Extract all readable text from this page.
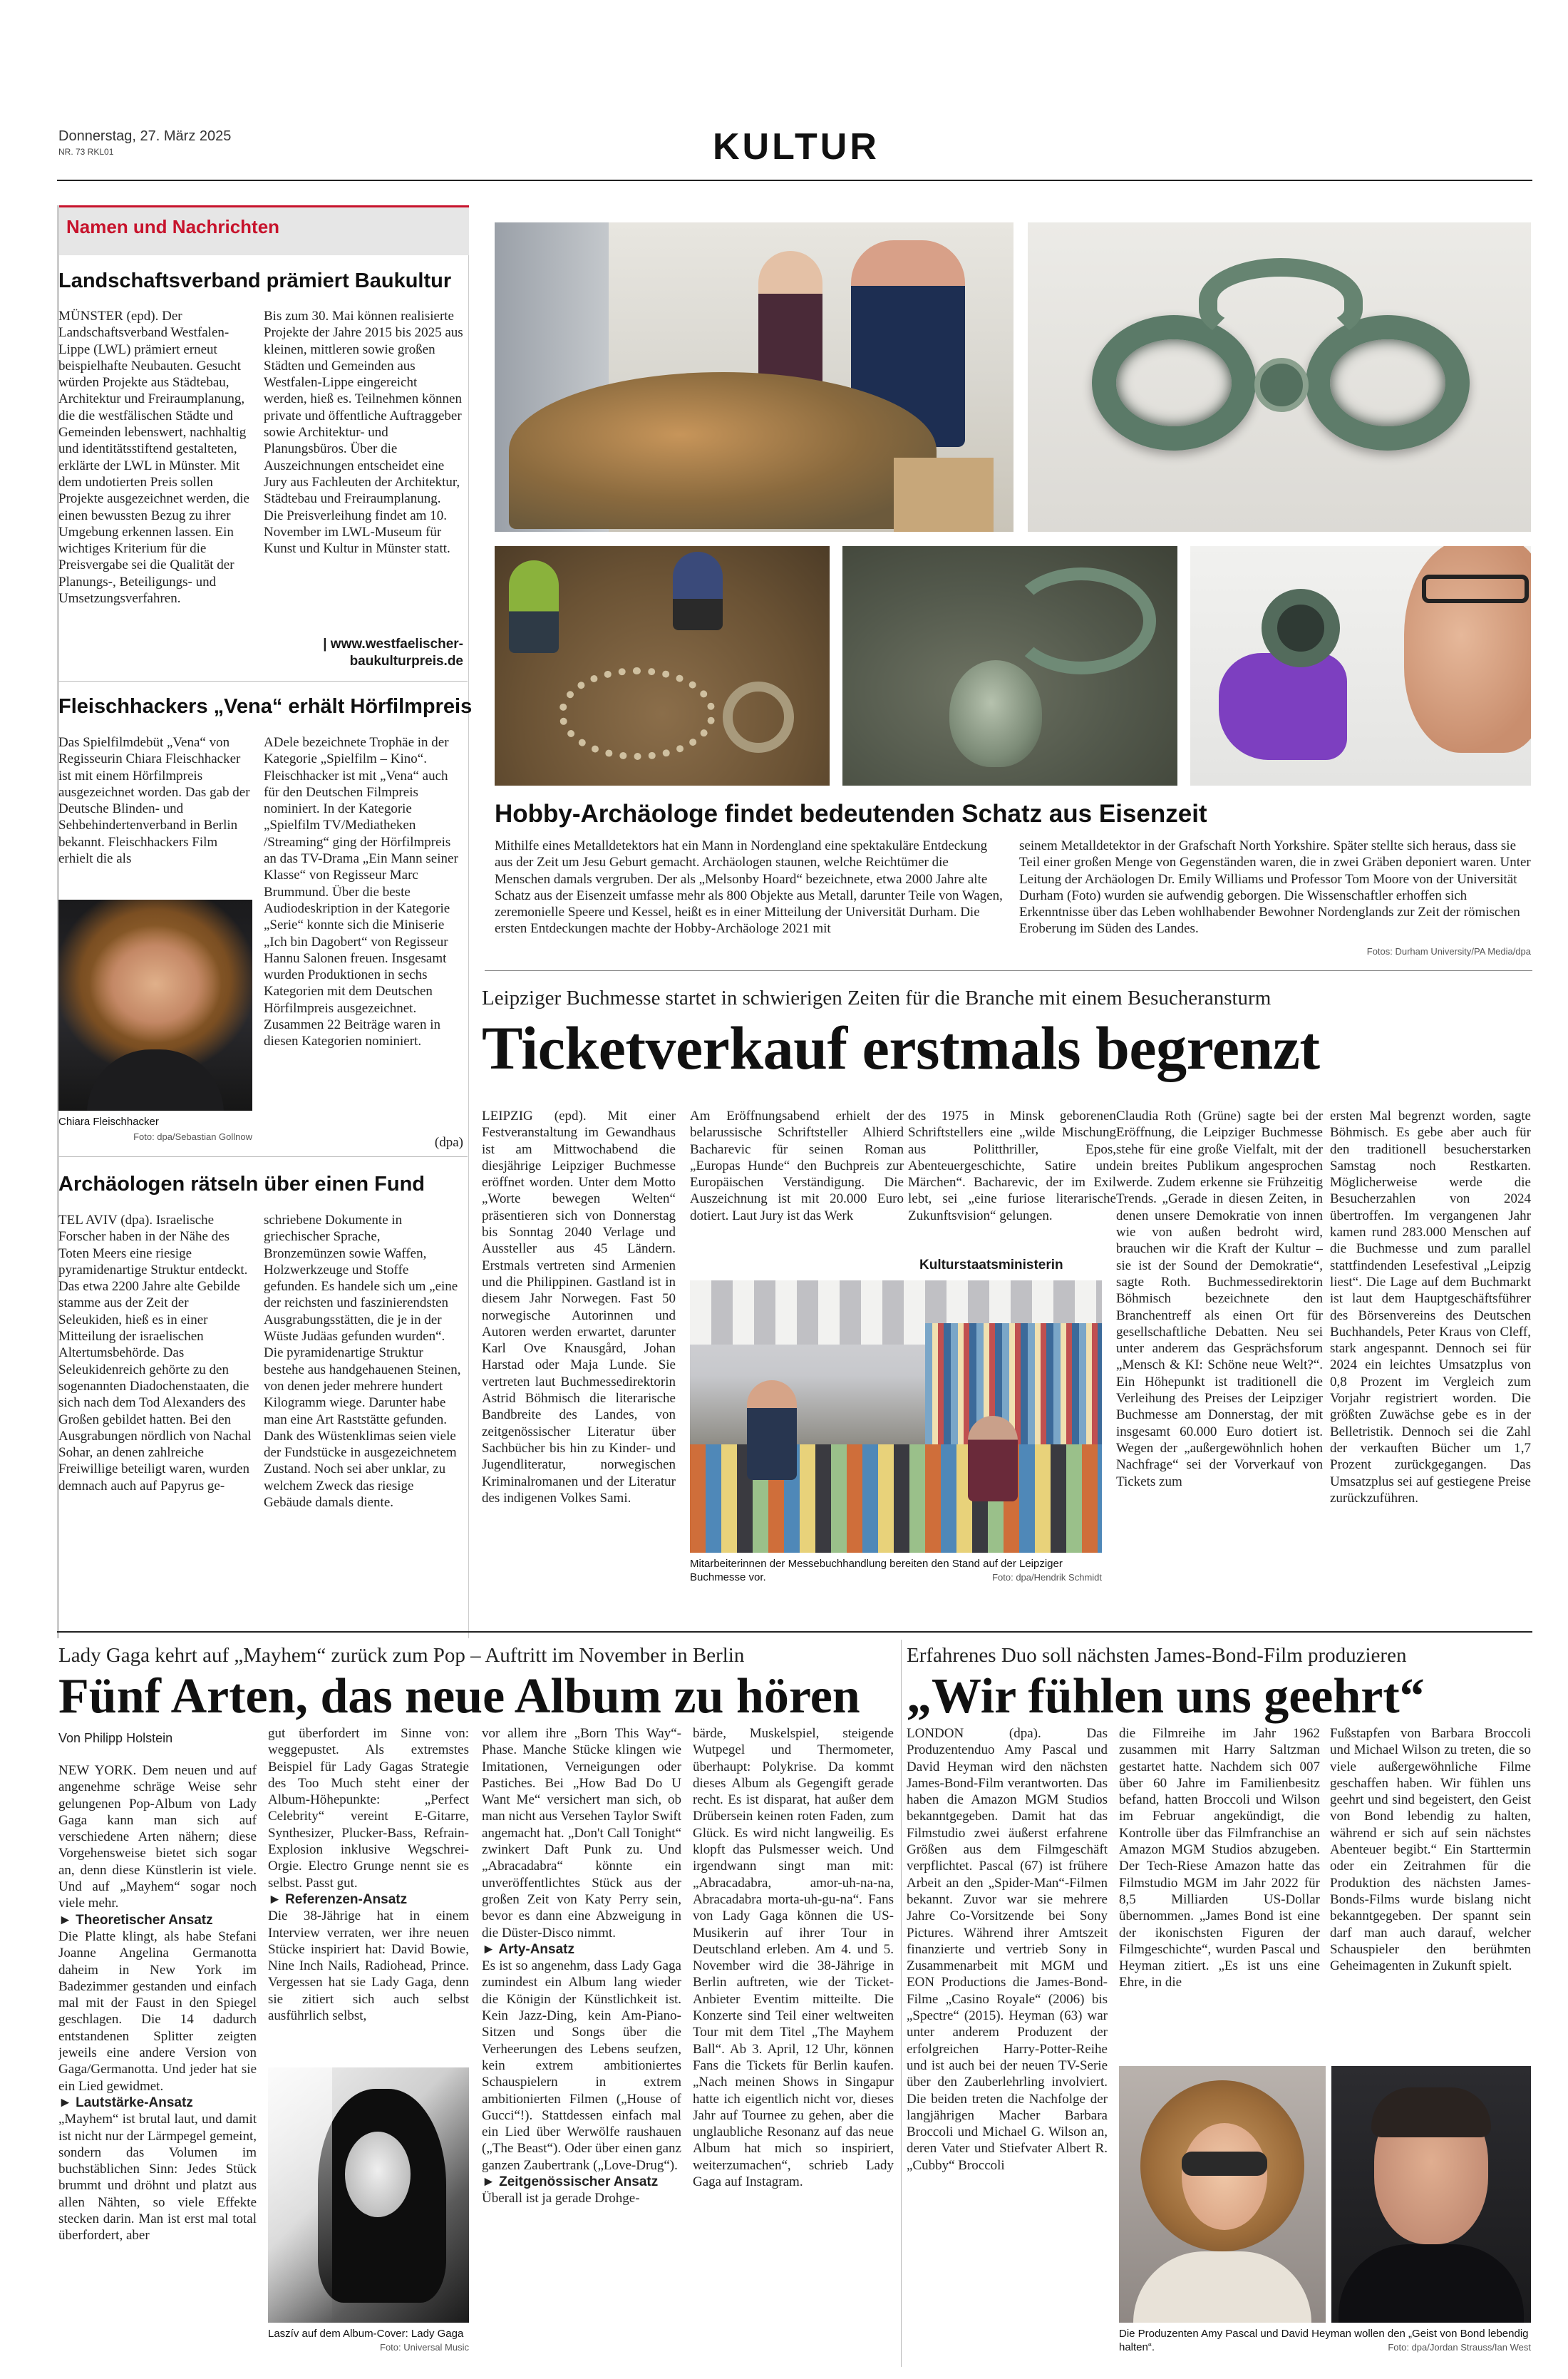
Donnerstag, 27. März 2025
NR. 73 RKL01	KULTUR
Namen und Nachrichten
Landschaftsverband prämiert Baukultur
MÜNSTER (epd). Der Landschaftsverband Westfalen-Lippe (LWL) prämiert erneut beispielhafte Neubauten. Gesucht würden Projekte aus Städtebau, Architektur und Freiraumplanung, die die westfälischen Städte und Gemeinden lebenswert, nachhaltig und identitätsstiftend gestalteten, erklärte der LWL in Münster. Mit dem undotierten Preis sollen Projekte ausgezeichnet werden, die einen bewussten Bezug zu ihrer Umgebung erkennen lassen. Ein wichtiges Kriterium für die Preisvergabe sei die Qualität der Planungs-, Beteiligungs- und Umsetzungsverfahren.
Bis zum 30. Mai können realisierte Projekte der Jahre 2015 bis 2025 aus kleinen, mittleren sowie großen Städten und Gemeinden aus Westfalen-Lippe eingereicht werden, hieß es. Teilnehmen können private und öffentliche Auftraggeber sowie Architektur- und Planungsbüros. Über die Auszeichnungen entscheidet eine Jury aus Fachleuten der Architektur, Städtebau und Freiraumplanung. Die Preisverleihung findet am 10. November im LWL-Museum für Kunst und Kultur in Münster statt.
| www.westfaelischer-baukulturpreis.de
Fleischhackers „Vena“ erhält Hörfilmpreis
Das Spielfilmdebüt „Vena“ von Regisseurin Chiara Fleischhacker ist mit einem Hörfilmpreis ausgezeichnet worden. Das gab der Deutsche Blinden- und Sehbehindertenverband in Berlin bekannt. Fleischhackers Film erhielt die als
Chiara Fleischhacker
Foto: dpa/Sebastian Gollnow
ADele bezeichnete Trophäe in der Kategorie „Spielfilm – Kino“. Fleischhacker ist mit „Vena“ auch für den Deutschen Filmpreis nominiert. In der Kategorie „Spielfilm TV/Mediatheken /Streaming“ ging der Hörfilmpreis an das TV-Drama „Ein Mann seiner Klasse“ von Regisseur Marc Brummund. Über die beste Audiodeskription in der Kategorie „Serie“ konnte sich die Miniserie „Ich bin Dagobert“ von Regisseur Hannu Salonen freuen. Insgesamt wurden Produktionen in sechs Kategorien mit dem Deutschen Hörfilmpreis ausgezeichnet. Zusammen 22 Beiträge waren in diesen Kategorien nominiert.
(dpa)
Archäologen rätseln über einen Fund
TEL AVIV (dpa). Israelische Forscher haben in der Nähe des Toten Meers eine riesige pyramidenartige Struktur entdeckt. Das etwa 2200 Jahre alte Gebilde stamme aus der Zeit der Seleukiden, hieß es in einer Mitteilung der israelischen Altertumsbehörde. Das Seleukidenreich gehörte zu den sogenannten Diadochenstaaten, die sich nach dem Tod Alexanders des Großen gebildet hatten. Bei den Ausgrabungen nördlich von Nachal Sohar, an denen zahlreiche Freiwillige beteiligt waren, wurden demnach auch auf Papyrus ge-
schriebene Dokumente in griechischer Sprache, Bronzemünzen sowie Waffen, Holzwerkzeuge und Stoffe gefunden. Es handele sich um „eine der reichsten und faszinierendsten Ausgrabungsstätten, die je in der Wüste Judäas gefunden wurden“. Die pyramidenartige Struktur bestehe aus handgehauenen Steinen, von denen jeder mehrere hundert Kilogramm wiege. Darunter habe man eine Art Raststätte gefunden. Dank des Wüstenklimas seien viele der Fundstücke in ausgezeichnetem Zustand. Noch sei aber unklar, zu welchem Zweck das riesige Gebäude damals diente.
Hobby-Archäologe findet bedeutenden Schatz aus Eisenzeit
Mithilfe eines Metalldetektors hat ein Mann in Nordengland eine spektakuläre Entdeckung aus der Zeit um Jesu Geburt gemacht. Archäologen staunen, welche Reichtümer die Menschen damals vergruben. Der als „Melsonby Hoard“ bezeichnete, etwa 2000 Jahre alte Schatz aus der Eisenzeit umfasse mehr als 800 Objekte aus Metall, darunter Teile von Wagen, zeremonielle Speere und Kessel, heißt es in einer Mitteilung der Universität Durham. Die ersten Entdeckungen machte der Hobby-Archäologe 2021 mit
seinem Metalldetektor in der Grafschaft North Yorkshire. Später stellte sich heraus, dass sie Teil einer großen Menge von Gegenständen waren, die in zwei Gräben deponiert waren. Unter Leitung der Archäologen Dr. Emily Williams und Professor Tom Moore von der Universität Durham (Foto) wurden sie aufwendig geborgen. Die Wissenschaftler erhoffen sich Erkenntnisse über das Leben wohlhabender Bewohner Nordenglands zur Zeit der römischen Eroberung im Süden des Landes.
Fotos: Durham University/PA Media/dpa
Leipziger Buchmesse startet in schwierigen Zeiten für die Branche mit einem Besucheransturm
Ticketverkauf erstmals begrenzt
LEIPZIG (epd). Mit einer Festveranstaltung im Gewandhaus ist am Mittwochabend die diesjährige Leipziger Buchmesse eröffnet worden. Unter dem Motto „Worte bewegen Welten“ präsentieren sich von Donnerstag bis Sonntag 2040 Verlage und Aussteller aus 45 Ländern. Erstmals vertreten sind Armenien und die Philippinen. Gastland ist in diesem Jahr Norwegen. Fast 50 norwegische Autorinnen und Autoren werden erwartet, darunter Karl Ove Knausgård, Johan Harstad oder Maja Lunde. Sie vertreten laut Buchmessedirektorin Astrid Böhmisch die literarische Bandbreite des Landes, von zeitgenössischer Literatur über Sachbücher bis hin zu Kinder- und Jugendliteratur, norwegischen Kriminalromanen und der Literatur des indigenen Volkes Sami.
Am Eröffnungsabend erhielt der belarussische Schriftsteller Alhierd Bacharevic für seinen Roman „Europas Hunde“ den Buchpreis zur Europäischen Verständigung. Die Auszeichnung ist mit 20.000 Euro dotiert. Laut Jury ist das Werk
des 1975 in Minsk geborenen Schriftstellers eine „wilde Mischung aus Politthriller, Epos, Abenteuergeschichte, Satire und Märchen“. Bacharevic, der im Exil lebt, sei „eine furiose literarische Zukunftsvision“ gelungen.
Kulturstaatsministerin
Mitarbeiterinnen der Messebuchhandlung bereiten den Stand auf der Leipziger Buchmesse vor.	Foto: dpa/Hendrik Schmidt
Claudia Roth (Grüne) sagte bei der Eröffnung, die Leipziger Buchmesse stehe für eine große Vielfalt, mit der ein breites Publikum angesprochen werde. Zudem erkenne sie Frühzeitig Trends. „Gerade in diesen Zeiten, in denen unsere Demokratie von innen wie von außen bedroht wird, brauchen wir die Kraft der Kultur – sie ist der Sound der Demokratie“, sagte Roth. Buchmessedirektorin Böhmisch bezeichnete den Branchentreff als einen Ort für gesellschaftliche Debatten. Neu sei unter anderem das Gesprächsforum „Mensch & KI: Schöne neue Welt?“. Ein Höhepunkt ist traditionell die Verleihung des Preises der Leipziger Buchmesse am Donnerstag, der mit insgesamt 60.000 Euro dotiert ist. Wegen der „außergewöhnlich hohen Nachfrage“ sei der Vorverkauf von Tickets zum
ersten Mal begrenzt worden, sagte Böhmisch. Es gebe aber auch für den traditionell besucherstarken Samstag noch Restkarten. Möglicherweise werde die Besucherzahlen von 2024 übertroffen. Im vergangenen Jahr kamen rund 283.000 Menschen auf die Buchmesse und zum parallel stattfindenden Lesefestival „Leipzig liest“. Die Lage auf dem Buchmarkt ist laut dem Hauptgeschäftsführer des Börsenvereins des Deutschen Buchhandels, Peter Kraus von Cleff, stark angespannt. Dennoch sei für 2024 ein leichtes Umsatzplus von 0,8 Prozent im Vergleich zum Vorjahr registriert worden. Die größten Zuwächse gebe es in der Belletristik. Dennoch sei die Zahl der verkauften Bücher um 1,7 Prozent zurückgegangen. Das Umsatzplus sei auf gestiegene Preise zurückzuführen.
Lady Gaga kehrt auf „Mayhem“ zurück zum Pop – Auftritt im November in Berlin
Fünf Arten, das neue Album zu hören
Von Philipp Holstein
NEW YORK. Dem neuen und auf angenehme schräge Weise sehr gelungenen Pop-Album von Lady Gaga kann man sich auf verschiedene Arten nähern; diese Vorgehensweise bietet sich sogar an, denn diese Künstlerin ist viele. Und auf „Mayhem“ sogar noch viele mehr.
► Theoretischer Ansatz
Die Platte klingt, als habe Stefani Joanne Angelina Germanotta daheim in New York im Badezimmer gestanden und einfach mal mit der Faust in den Spiegel geschlagen. Die 14 dadurch entstandenen Splitter zeigten jeweils eine andere Version von Gaga/Germanotta. Und jeder hat sie ein Lied gewidmet.
► Lautstärke-Ansatz
„Mayhem“ ist brutal laut, und damit ist nicht nur der Lärmpegel gemeint, sondern das Volumen im buchstäblichen Sinn: Jedes Stück brummt und dröhnt und platzt aus allen Nähten, so viele Effekte stecken darin. Man ist erst mal total überfordert, aber
gut überfordert im Sinne von: weggepustet. Als extremstes Beispiel für Lady Gagas Strategie des Too Much steht einer der Album-Höhepunkte: „Perfect Celebrity“ vereint E-Gitarre, Synthesizer, Plucker-Bass, Refrain-Explosion inklusive Wegschrei-Orgie. Electro Grunge nennt sie es selbst. Passt gut.
► Referenzen-Ansatz
Die 38-Jährige hat in einem Interview verraten, wer ihre neuen Stücke inspiriert hat: David Bowie, Nine Inch Nails, Radiohead, Prince. Vergessen hat sie Lady Gaga, denn sie zitiert sich auch selbst ausführlich selbst,
Laszív auf dem Album-Cover: Lady Gaga
Foto: Universal Music
vor allem ihre „Born This Way“-Phase. Manche Stücke klingen wie Imitationen, Verneigungen oder Pastiches. Bei „How Bad Do U Want Me“ versichert man sich, ob man nicht aus Versehen Taylor Swift angemacht hat. „Don't Call Tonight“ zwinkert Daft Punk zu. Und „Abracadabra“ könnte ein unveröffentlichtes Stück aus der großen Zeit von Katy Perry sein, bevor es dann eine Abzweigung in die Düster-Disco nimmt.
► Arty-Ansatz
Es ist so angenehm, dass Lady Gaga zumindest ein Album lang wieder die Königin der Künstlichkeit ist. Kein Jazz-Ding, kein Am-Piano-Sitzen und Songs über die Verheerungen des Lebens seufzen, kein extrem ambitioniertes Schauspielern in extrem ambitionierten Filmen („House of Gucci“!). Stattdessen einfach mal ein Lied über Werwölfe raushauen („The Beast“). Oder über einen ganz ganzen Zaubertrank („Love-Drug“).
► Zeitgenössischer Ansatz
Überall ist ja gerade Drohge-
bärde, Muskelspiel, steigende Wutpegel und Thermometer, überhaupt: Polykrise. Da kommt dieses Album als Gegengift gerade recht. Es ist disparat, hat außer dem Drübersein keinen roten Faden, zum Glück. Es wird nicht langweilig. Es klopft das Pulsmesser weich. Und irgendwann singt man mit: „Abracadabra, amor-uh-na-na, Abracadabra morta-uh-gu-na“. Fans von Lady Gaga können die US-Musikerin auf ihrer Tour in Deutschland erleben. Am 4. und 5. November wird die 38-Jährige in Berlin auftreten, wie der Ticket-Anbieter Eventim mitteilte. Die Konzerte sind Teil einer weltweiten Tour mit dem Titel „The Mayhem Ball“. Ab 3. April, 12 Uhr, können Fans die Tickets für Berlin kaufen. „Nach meinen Shows in Singapur hatte ich eigentlich nicht vor, dieses Jahr auf Tournee zu gehen, aber die unglaubliche Resonanz auf das neue Album hat mich so inspiriert, weiterzumachen“, schrieb Lady Gaga auf Instagram.
Erfahrenes Duo soll nächsten James-Bond-Film produzieren
„Wir fühlen uns geehrt“
LONDON (dpa). Das Produzentenduo Amy Pascal und David Heyman wird den nächsten James-Bond-Film verantworten. Das haben die Amazon MGM Studios bekanntgegeben. Damit hat das Filmstudio zwei äußerst erfahrene Größen aus dem Filmgeschäft verpflichtet. Pascal (67) ist frühere Arbeit an den „Spider-Man“-Filmen bekannt. Zuvor war sie mehrere Jahre Co-Vorsitzende bei Sony Pictures. Während ihrer Amtszeit finanzierte und vertrieb Sony in Zusammenarbeit mit MGM und EON Productions die James-Bond-Filme „Casino Royale“ (2006) bis „Spectre“ (2015). Heyman (63) war unter anderem Produzent der erfolgreichen Harry-Potter-Reihe und ist auch bei der neuen TV-Serie über den Zauberlehrling involviert. Die beiden treten die Nachfolge der langjährigen Macher Barbara Broccoli und Michael G. Wilson an, deren Vater und Stiefvater Albert R. „Cubby“ Broccoli
die Filmreihe im Jahr 1962 zusammen mit Harry Saltzman gestartet hatte. Nachdem sich 007 über 60 Jahre im Familienbesitz befand, hatten Broccoli und Wilson im Februar angekündigt, die Kontrolle über das Filmfranchise an Amazon MGM Studios abzugeben. Der Tech-Riese Amazon hatte das Filmstudio MGM im Jahr 2022 für 8,5 Milliarden US-Dollar übernommen. „James Bond ist eine der ikonischsten Figuren der Filmgeschichte“, wurden Pascal und Heyman zitiert. „Es ist uns eine Ehre, in die
Fußstapfen von Barbara Broccoli und Michael Wilson zu treten, die so viele außergewöhnliche Filme geschaffen haben. Wir fühlen uns geehrt und sind begeistert, den Geist von Bond lebendig zu halten, während er sich auf sein nächstes Abenteuer begibt.“ Ein Starttermin oder ein Zeitrahmen für die Produktion des nächsten James-Bonds-Films wurde bislang nicht bekanntgegeben. Der spannt sein darf man auch darauf, welcher Schauspieler den berühmten Geheimagenten in Zukunft spielt.
Die Produzenten Amy Pascal und David Heyman wollen den „Geist von Bond lebendig halten“.	Foto: dpa/Jordan Strauss/Ian West
